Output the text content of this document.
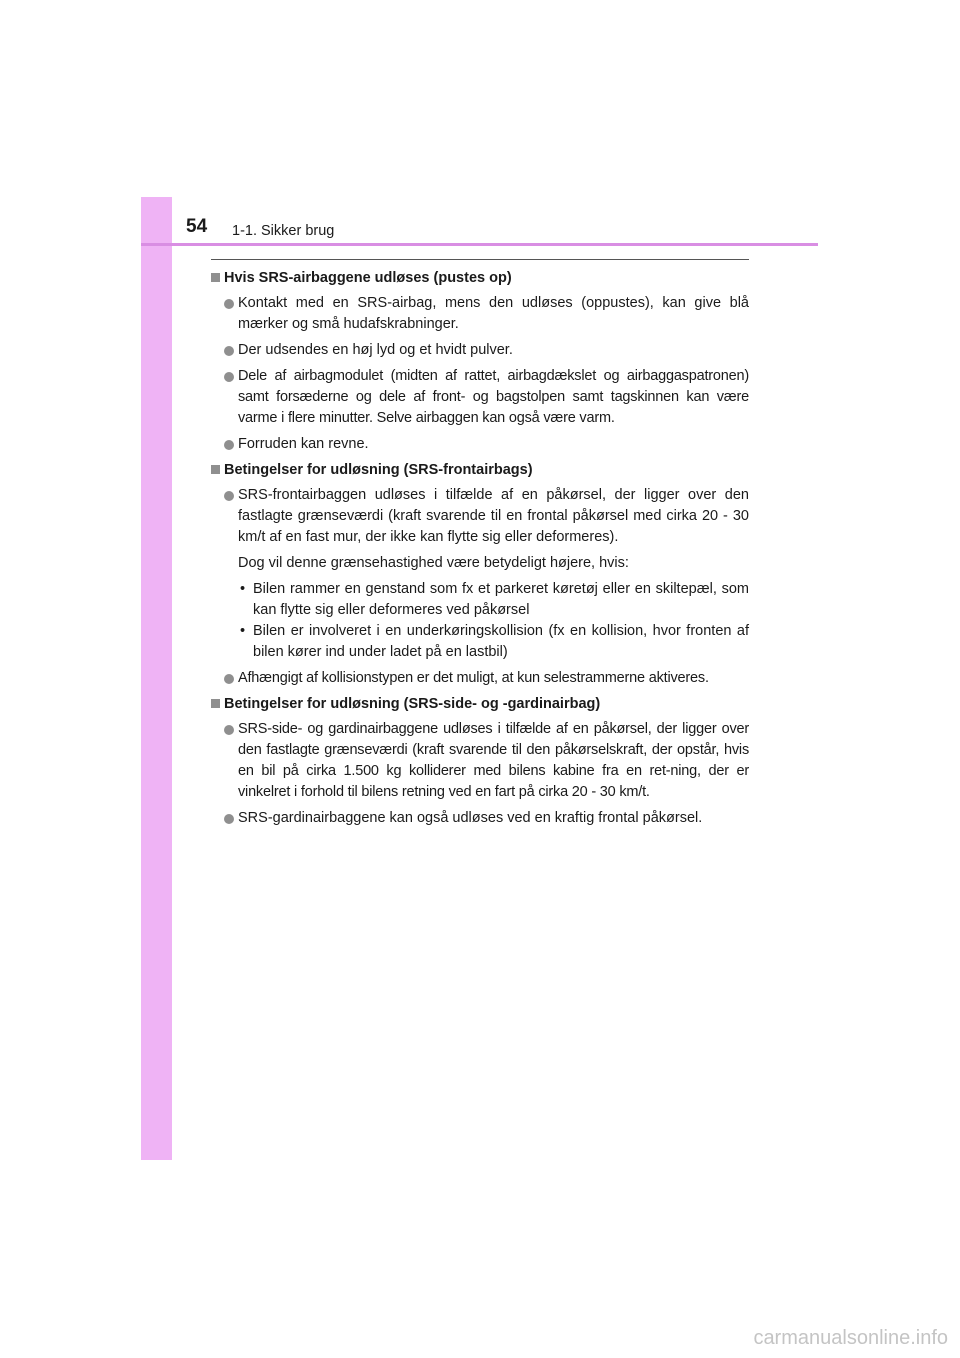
54 1-1. Sikker brug
Hvis SRS-airbaggene udløses (pustes op)
Kontakt med en SRS-airbag, mens den udløses (oppustes), kan give blå mærker og små hudafskrabninger.
Der udsendes en høj lyd og et hvidt pulver.
Dele af airbagmodulet (midten af rattet, airbagdækslet og airbaggaspatronen) samt forsæderne og dele af front- og bagstolpen samt tagskinnen kan være varme i flere minutter. Selve airbaggen kan også være varm.
Forruden kan revne.
Betingelser for udløsning (SRS-frontairbags)
SRS-frontairbaggen udløses i tilfælde af en påkørsel, der ligger over den fastlagte grænseværdi (kraft svarende til en frontal påkørsel med cirka 20 - 30 km/t af en fast mur, der ikke kan flytte sig eller deformeres).
Dog vil denne grænsehastighed være betydeligt højere, hvis:
• Bilen rammer en genstand som fx et parkeret køretøj eller en skiltepæl, som kan flytte sig eller deformeres ved påkørsel
• Bilen er involveret i en underkøringskollision (fx en kollision, hvor fronten af bilen kører ind under ladet på en lastbil)
Afhængigt af kollisionstypen er det muligt, at kun selestrammerne aktiveres.
Betingelser for udløsning (SRS-side- og -gardinairbag)
SRS-side- og gardinairbaggene udløses i tilfælde af en påkørsel, der ligger over den fastlagte grænseværdi (kraft svarende til den påkørselskraft, der opstår, hvis en bil på cirka 1.500 kg kolliderer med bilens kabine fra en ret-ning, der er vinkelret i forhold til bilens retning ved en fart på cirka 20 - 30 km/t.
SRS-gardinairbaggene kan også udløses ved en kraftig frontal påkørsel.
carmanualsonline.info
